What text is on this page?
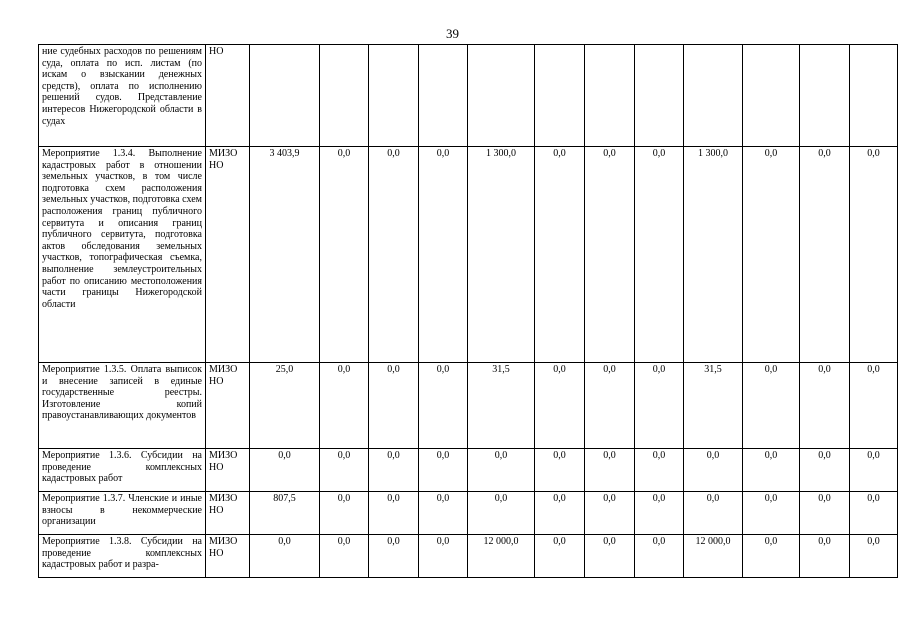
39
ние судебных расходов по решениям суда, оплата по исп. листам (по искам о взыскании денежных средств), оплата по исполнению решений судов. Представление интересов Нижегородской области в судах	НО												
Мероприятие 1.3.4. Выполнение кадастровых работ в отношении земельных участков, в том числе подготовка схем расположения земельных участков, подготовка схем расположения границ публичного сервитута и описания границ публичного сервитута, подготовка актов обследования земельных участков, топографическая съемка, выполнение землеустроительных работ по описанию местоположения части границы Нижегородской области	МИЗО НО	3 403,9	0,0	0,0	0,0	1 300,0	0,0	0,0	0,0	1 300,0	0,0	0,0	0,0
Мероприятие 1.3.5. Оплата выписок и внесение записей в единые государственные реестры. Изготовление копий правоустанавливающих документов	МИЗО НО	25,0	0,0	0,0	0,0	31,5	0,0	0,0	0,0	31,5	0,0	0,0	0,0
Мероприятие 1.3.6. Субсидии на проведение комплексных кадастровых работ	МИЗО НО	0,0	0,0	0,0	0,0	0,0	0,0	0,0	0,0	0,0	0,0	0,0	0,0
Мероприятие 1.3.7. Членские и иные взносы в некоммерческие организации	МИЗО НО	807,5	0,0	0,0	0,0	0,0	0,0	0,0	0,0	0,0	0,0	0,0	0,0
Мероприятие 1.3.8. Субсидии на проведение комплексных кадастровых работ и разра-	МИЗО НО	0,0	0,0	0,0	0,0	12 000,0	0,0	0,0	0,0	12 000,0	0,0	0,0	0,0
